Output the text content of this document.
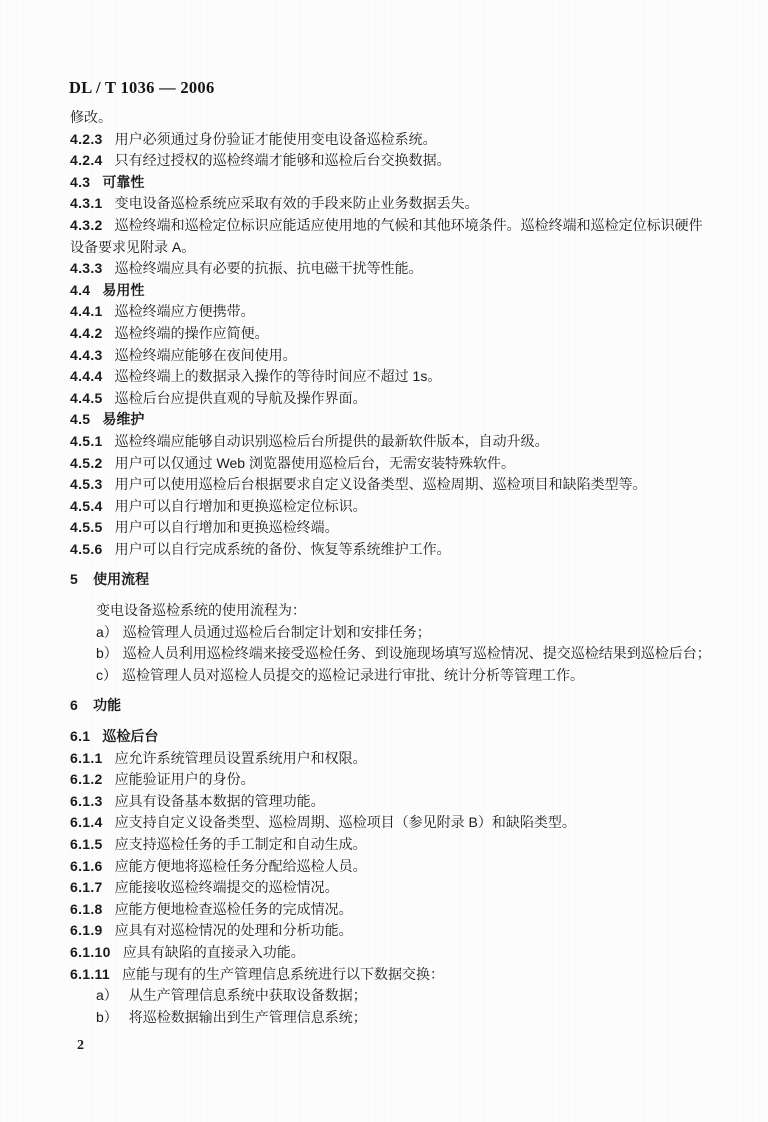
DL / T 1036 — 2006
修改。
4.2.3 用户必须通过身份验证才能使用变电设备巡检系统。
4.2.4 只有经过授权的巡检终端才能够和巡检后台交换数据。
4.3 可靠性
4.3.1 变电设备巡检系统应采取有效的手段来防止业务数据丢失。
4.3.2 巡检终端和巡检定位标识应能适应使用地的气候和其他环境条件。巡检终端和巡检定位标识硬件设备要求见附录 A。
4.3.3 巡检终端应具有必要的抗振、抗电磁干扰等性能。
4.4 易用性
4.4.1 巡检终端应方便携带。
4.4.2 巡检终端的操作应简便。
4.4.3 巡检终端应能够在夜间使用。
4.4.4 巡检终端上的数据录入操作的等待时间应不超过 1s。
4.4.5 巡检后台应提供直观的导航及操作界面。
4.5 易维护
4.5.1 巡检终端应能够自动识别巡检后台所提供的最新软件版本，自动升级。
4.5.2 用户可以仅通过 Web 浏览器使用巡检后台，无需安装特殊软件。
4.5.3 用户可以使用巡检后台根据要求自定义设备类型、巡检周期、巡检项目和缺陷类型等。
4.5.4 用户可以自行增加和更换巡检定位标识。
4.5.5 用户可以自行增加和更换巡检终端。
4.5.6 用户可以自行完成系统的备份、恢复等系统维护工作。
5 使用流程
变电设备巡检系统的使用流程为：
a） 巡检管理人员通过巡检后台制定计划和安排任务；
b） 巡检人员利用巡检终端来接受巡检任务、到设施现场填写巡检情况、提交巡检结果到巡检后台；
c） 巡检管理人员对巡检人员提交的巡检记录进行审批、统计分析等管理工作。
6 功能
6.1 巡检后台
6.1.1 应允许系统管理员设置系统用户和权限。
6.1.2 应能验证用户的身份。
6.1.3 应具有设备基本数据的管理功能。
6.1.4 应支持自定义设备类型、巡检周期、巡检项目（参见附录 B）和缺陷类型。
6.1.5 应支持巡检任务的手工制定和自动生成。
6.1.6 应能方便地将巡检任务分配给巡检人员。
6.1.7 应能接收巡检终端提交的巡检情况。
6.1.8 应能方便地检查巡检任务的完成情况。
6.1.9 应具有对巡检情况的处理和分析功能。
6.1.10 应具有缺陷的直接录入功能。
6.1.11 应能与现有的生产管理信息系统进行以下数据交换：
a） 从生产管理信息系统中获取设备数据；
b） 将巡检数据输出到生产管理信息系统；
2
